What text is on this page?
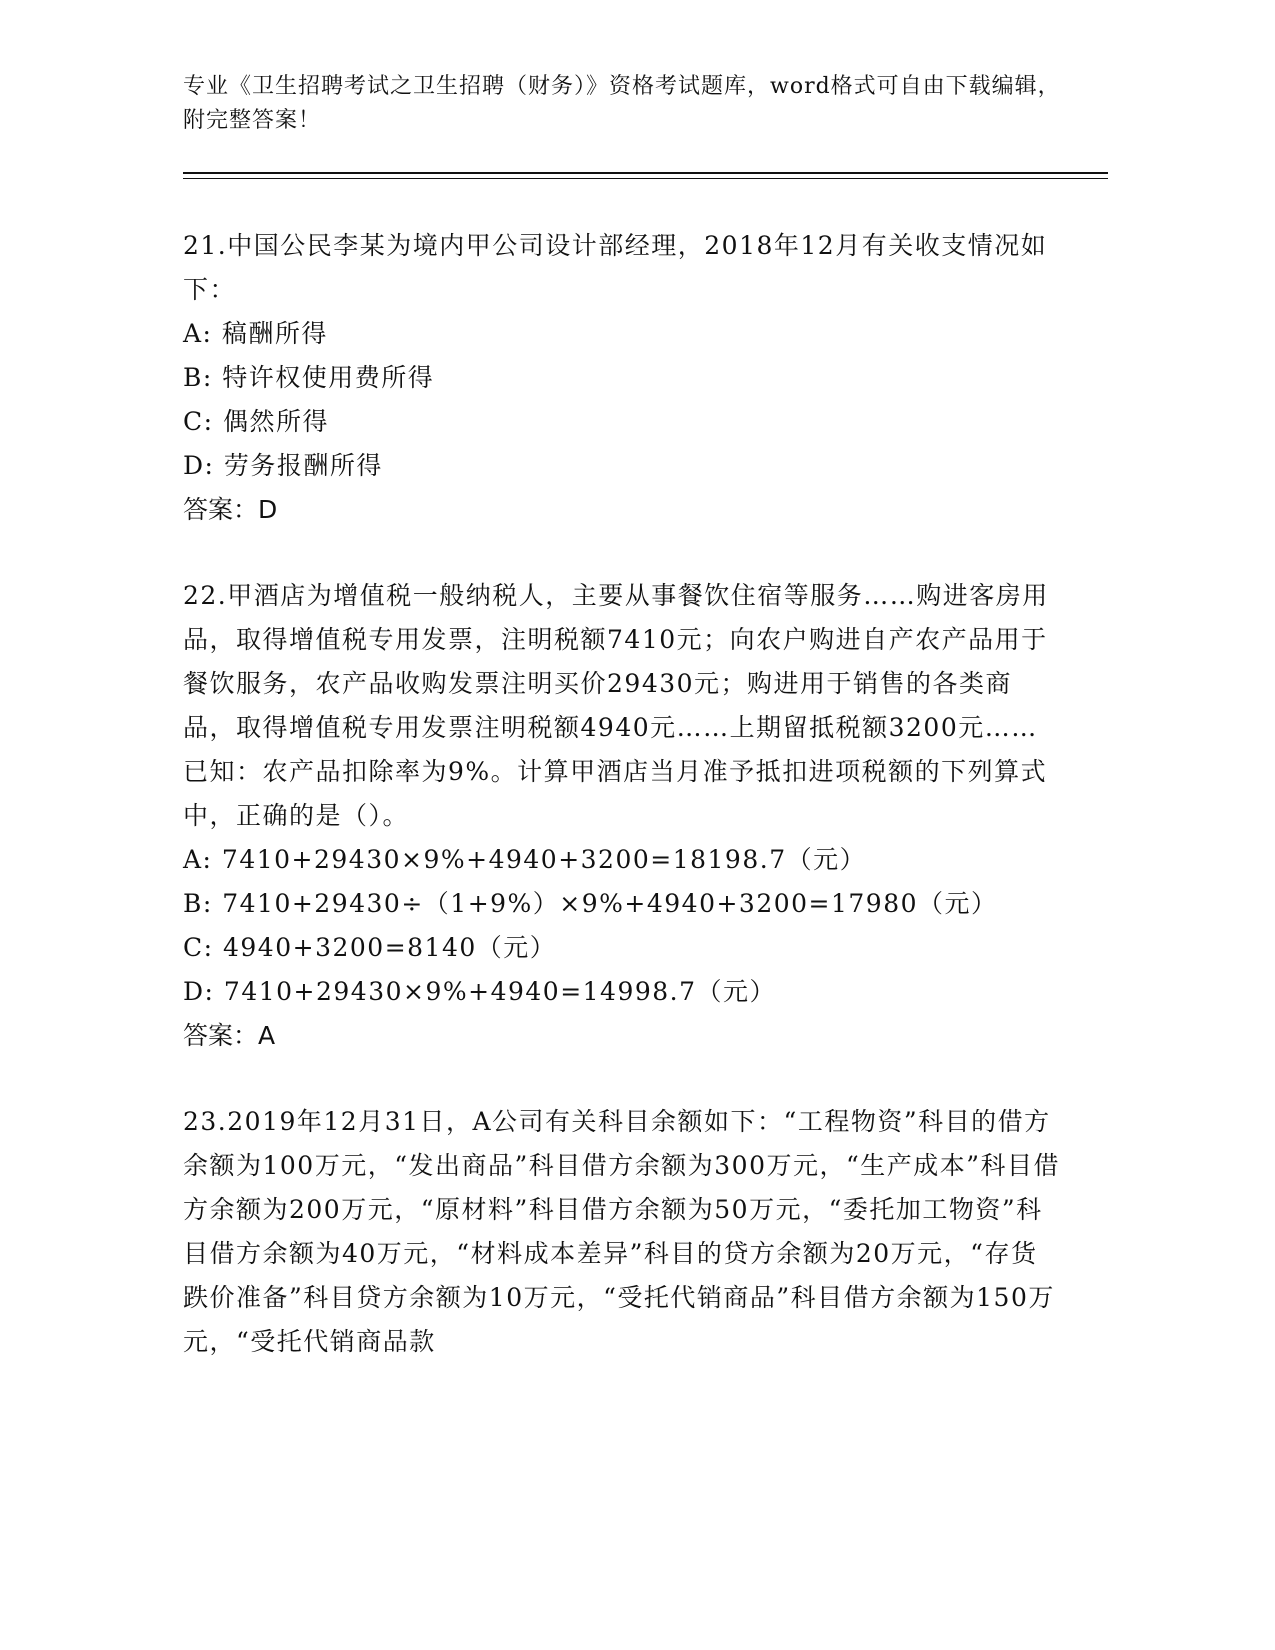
专业《卫生招聘考试之卫生招聘（财务）》资格考试题库，word格式可自由下载编辑，附完整答案！

21.中国公民李某为境内甲公司设计部经理，2018年12月有关收支情况如下：

A: 稿酬所得

B: 特许权使用费所得

C: 偶然所得

D: 劳务报酬所得

答案：D

22.甲酒店为增值税一般纳税人，主要从事餐饮住宿等服务……购进客房用品，取得增值税专用发票，注明税额7410元；向农户购进自产农产品用于餐饮服务，农产品收购发票注明买价29430元；购进用于销售的各类商品，取得增值税专用发票注明税额4940元……上期留抵税额3200元……已知：农产品扣除率为9%。计算甲酒店当月准予抵扣进项税额的下列算式中，正确的是（）。

A: 7410+29430×9%+4940+3200=18198.7（元）

B: 7410+29430÷（1+9%）×9%+4940+3200=17980（元）

C: 4940+3200=8140（元）

D: 7410+29430×9%+4940=14998.7（元）

答案：A

23.2019年12月31日，A公司有关科目余额如下：“工程物资”科目的借方余额为100万元，“发出商品”科目借方余额为300万元，“生产成本”科目借方余额为200万元，“原材料”科目借方余额为50万元，“委托加工物资”科目借方余额为40万元，“材料成本差异”科目的贷方余额为20万元，“存货跌价准备”科目贷方余额为10万元，“受托代销商品”科目借方余额为150万元，“受托代销商品款
